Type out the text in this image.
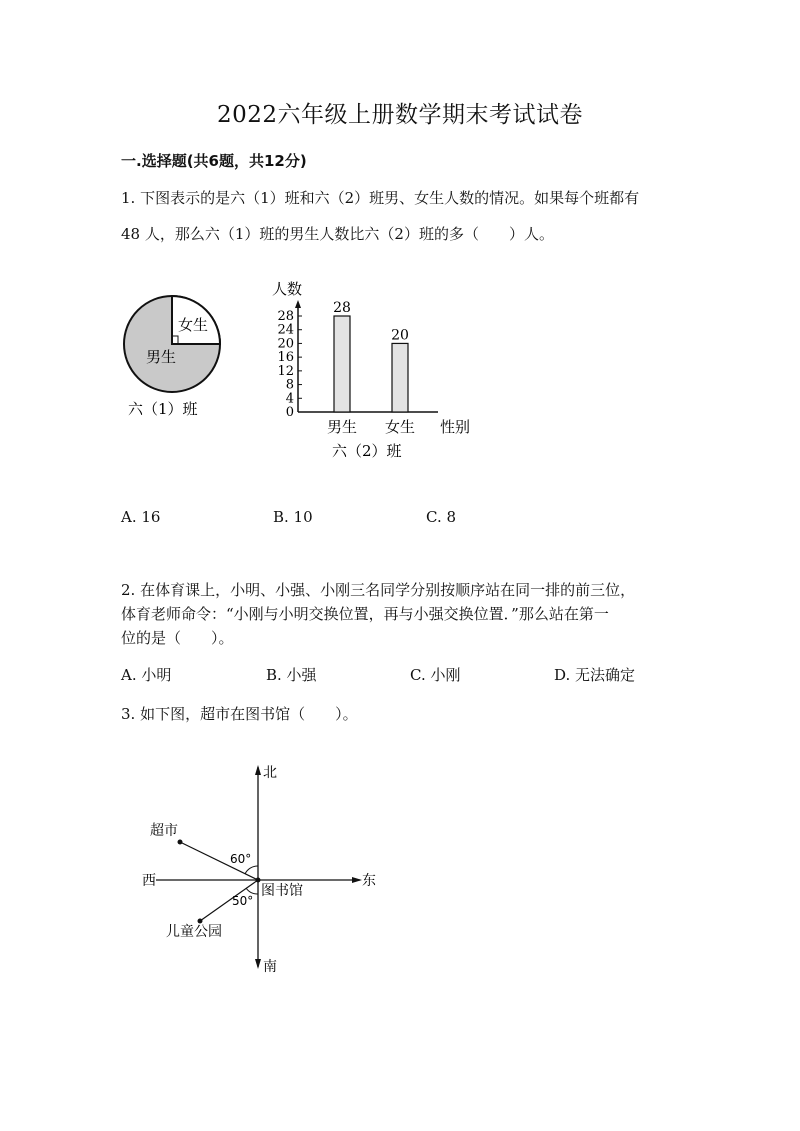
2022六年级上册数学期末考试试卷
一.选择题(共6题，共12分)
1. 下图表示的是六（1）班和六（2）班男、女生人数的情况。如果每个班都有
48 人，那么六（1）班的男生人数比六（2）班的多（　　）人。
女生
男生
六（1）班
人数
0
4
8
12
16
20
24
28
28
20
男生 女生 性别
六（2）班
A. 16	B. 10	C. 8
2. 在体育课上，小明、小强、小刚三名同学分别按顺序站在同一排的前三位，
体育老师命令：“小刚与小明交换位置，再与小强交换位置．”那么站在第一
位的是（　　）。
A. 小明	B. 小强	C. 小刚	D. 无法确定
3. 如下图，超市在图书馆（　　）。
北
南
东
西
超市
图书馆
儿童公园
60°
50°
